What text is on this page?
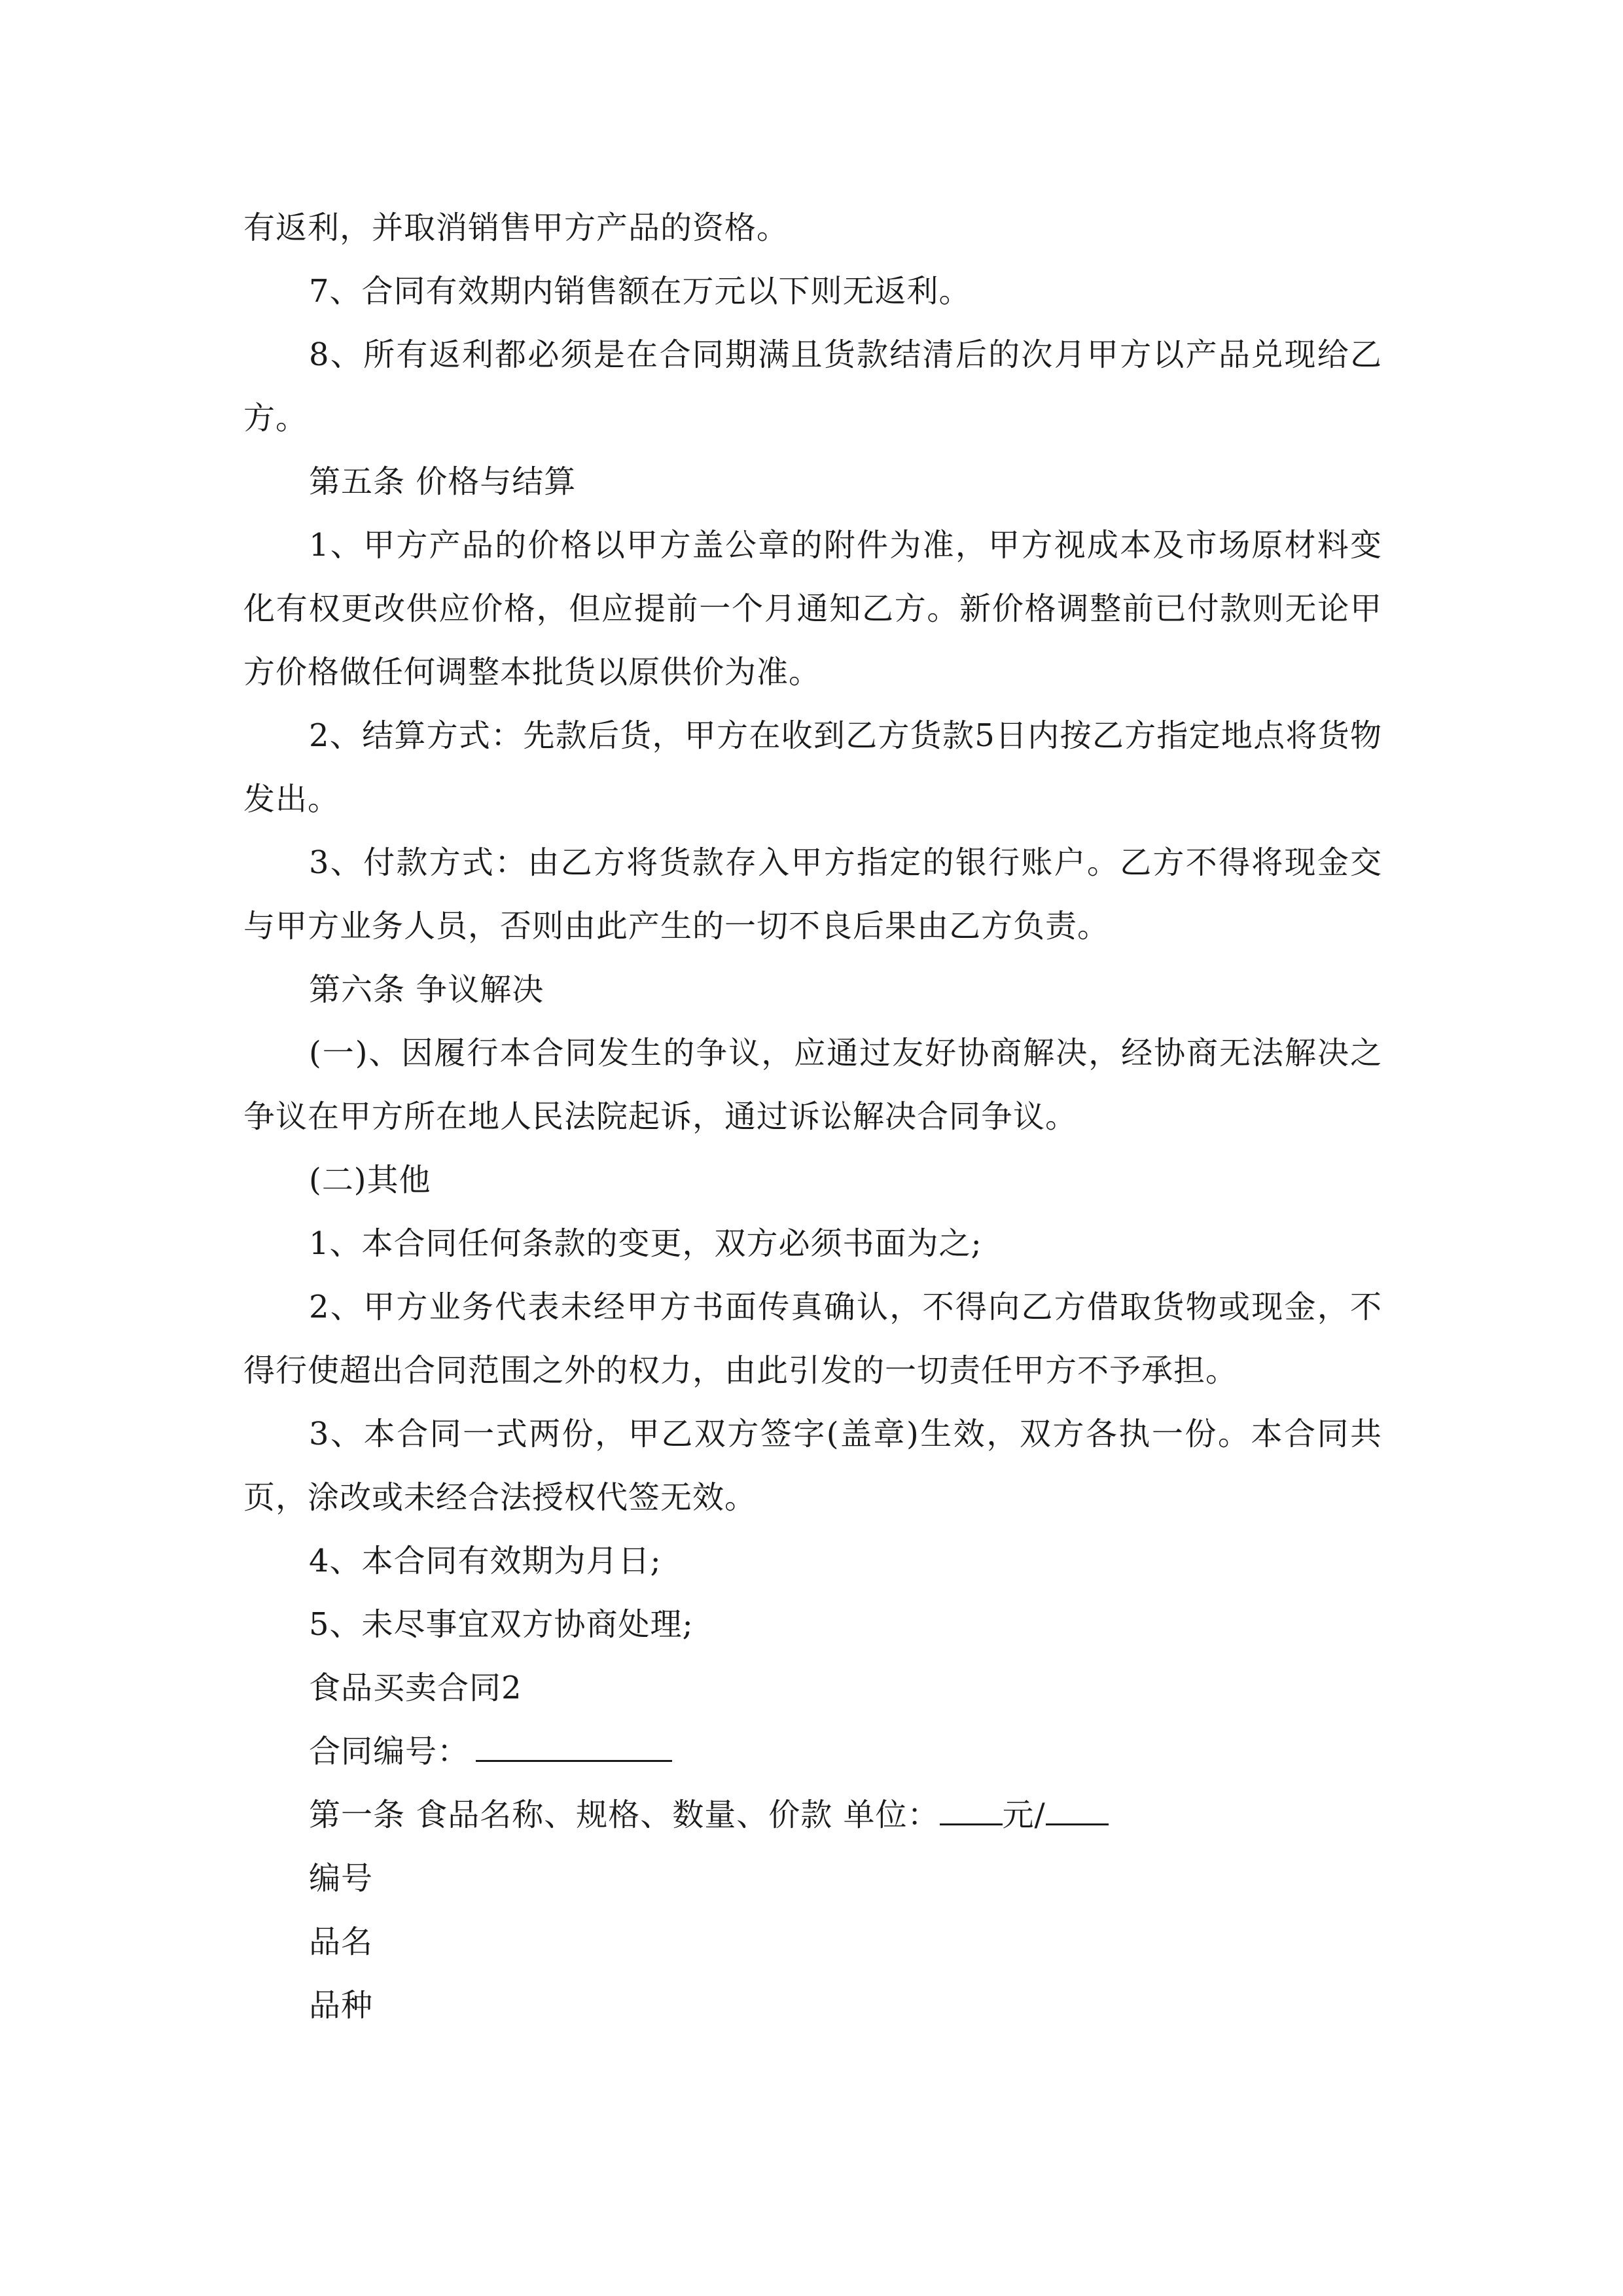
有返利，并取消销售甲方产品的资格。

7、合同有效期内销售额在万元以下则无返利。

8、所有返利都必须是在合同期满且货款结清后的次月甲方以产品兑现给乙方。

第五条 价格与结算

1、甲方产品的价格以甲方盖公章的附件为准，甲方视成本及市场原材料变化有权更改供应价格，但应提前一个月通知乙方。新价格调整前已付款则无论甲方价格做任何调整本批货以原供价为准。

2、结算方式：先款后货，甲方在收到乙方货款5日内按乙方指定地点将货物发出。

3、付款方式：由乙方将货款存入甲方指定的银行账户。乙方不得将现金交与甲方业务人员，否则由此产生的一切不良后果由乙方负责。

第六条 争议解决

(一)、因履行本合同发生的争议，应通过友好协商解决，经协商无法解决之争议在甲方所在地人民法院起诉，通过诉讼解决合同争议。

(二)其他

1、本合同任何条款的变更，双方必须书面为之;

2、甲方业务代表未经甲方书面传真确认，不得向乙方借取货物或现金，不得行使超出合同范围之外的权力，由此引发的一切责任甲方不予承担。

3、本合同一式两份，甲乙双方签字(盖章)生效，双方各执一份。本合同共页，涂改或未经合法授权代签无效。

4、本合同有效期为月日;

5、未尽事宜双方协商处理;

食品买卖合同2

合同编号：

第一条 食品名称、规格、数量、价款 单位： 元/

编号

品名

品种
